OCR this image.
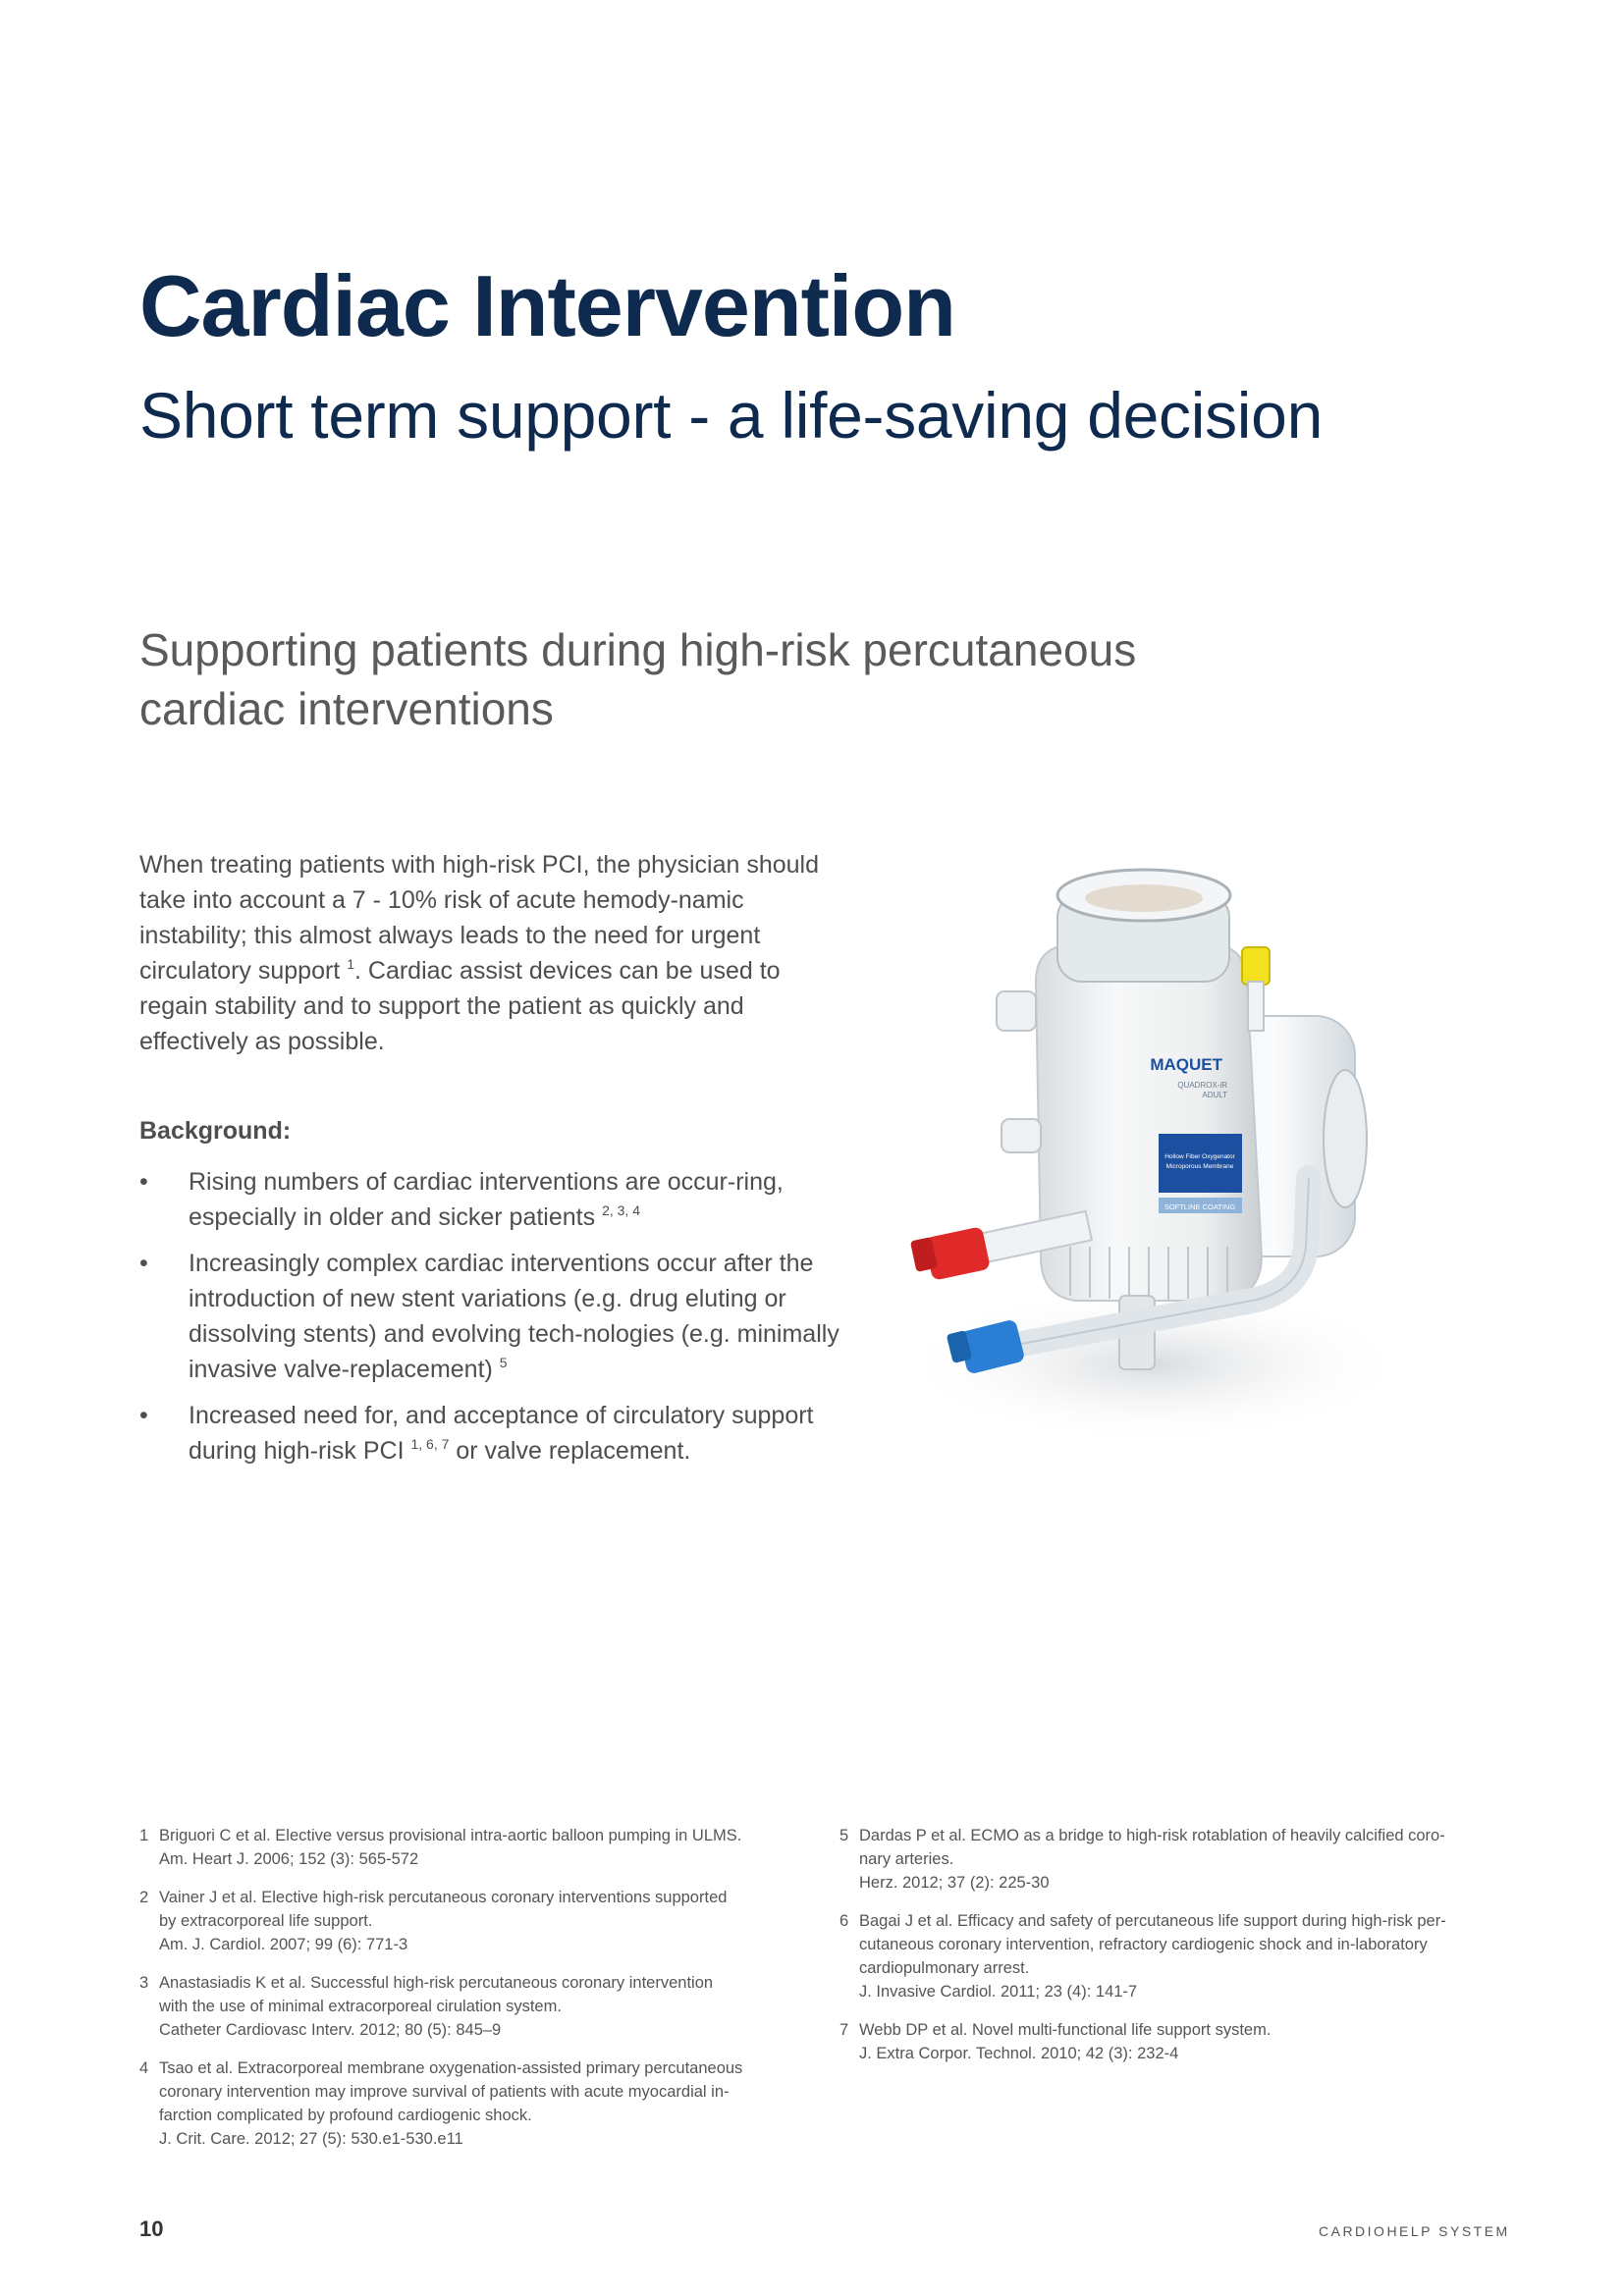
Cardiac Intervention
Short term support - a life-saving decision
Supporting patients during high-risk percutaneous
cardiac interventions

When treating patients with high-risk PCI, the physician should take into account a 7 - 10% risk of acute hemody-namic instability; this almost always leads to the need for urgent circulatory support $^1$. Cardiac assist devices can be used to regain stability and to support the patient as quickly and effectively as possible.

Background:

• Rising numbers of cardiac interventions are occur-ring, especially in older and sicker patients $^{2, 3, 4}$
• Increasingly complex cardiac interventions occur after the introduction of new stent variations (e.g. drug eluting or dissolving stents) and evolving tech-nologies (e.g. minimally invasive valve-replacement) $^5$
• Increased need for, and acceptance of circulatory support during high-risk PCI $^{1, 6, 7}$ or valve replacement.
MAQUET
QUADROX-iR
ADULT
Hollow Fiber Oxygenator
Microporous Membrane
SOFTLINE COATING
1 Briguori C et al. Elective versus provisional intra-aortic balloon pumping in ULMS.
Am. Heart J. 2006; 152 (3): 565-572
2 Vainer J et al. Elective high-risk percutaneous coronary interventions supported
by extracorporeal life support.
Am. J. Cardiol. 2007; 99 (6): 771-3
3 Anastasiadis K et al. Successful high-risk percutaneous coronary intervention
with the use of minimal extracorporeal cirulation system.
Catheter Cardiovasc Interv. 2012; 80 (5): 845–9
4 Tsao et al. Extracorporeal membrane oxygenation-assisted primary percutaneous
coronary intervention may improve survival of patients with acute myocardial in-
farction complicated by profound cardiogenic shock.
J. Crit. Care. 2012; 27 (5): 530.e1-530.e11
5 Dardas P et al. ECMO as a bridge to high-risk rotablation of heavily calcified coro-
nary arteries.
Herz. 2012; 37 (2): 225-30
6 Bagai J et al. Efficacy and safety of percutaneous life support during high-risk per-
cutaneous coronary intervention, refractory cardiogenic shock and in-laboratory
cardiopulmonary arrest.
J. Invasive Cardiol. 2011; 23 (4): 141-7
7 Webb DP et al. Novel multi-functional life support system.
J. Extra Corpor. Technol. 2010; 42 (3): 232-4

10	CARDIOHELP SYSTEM
